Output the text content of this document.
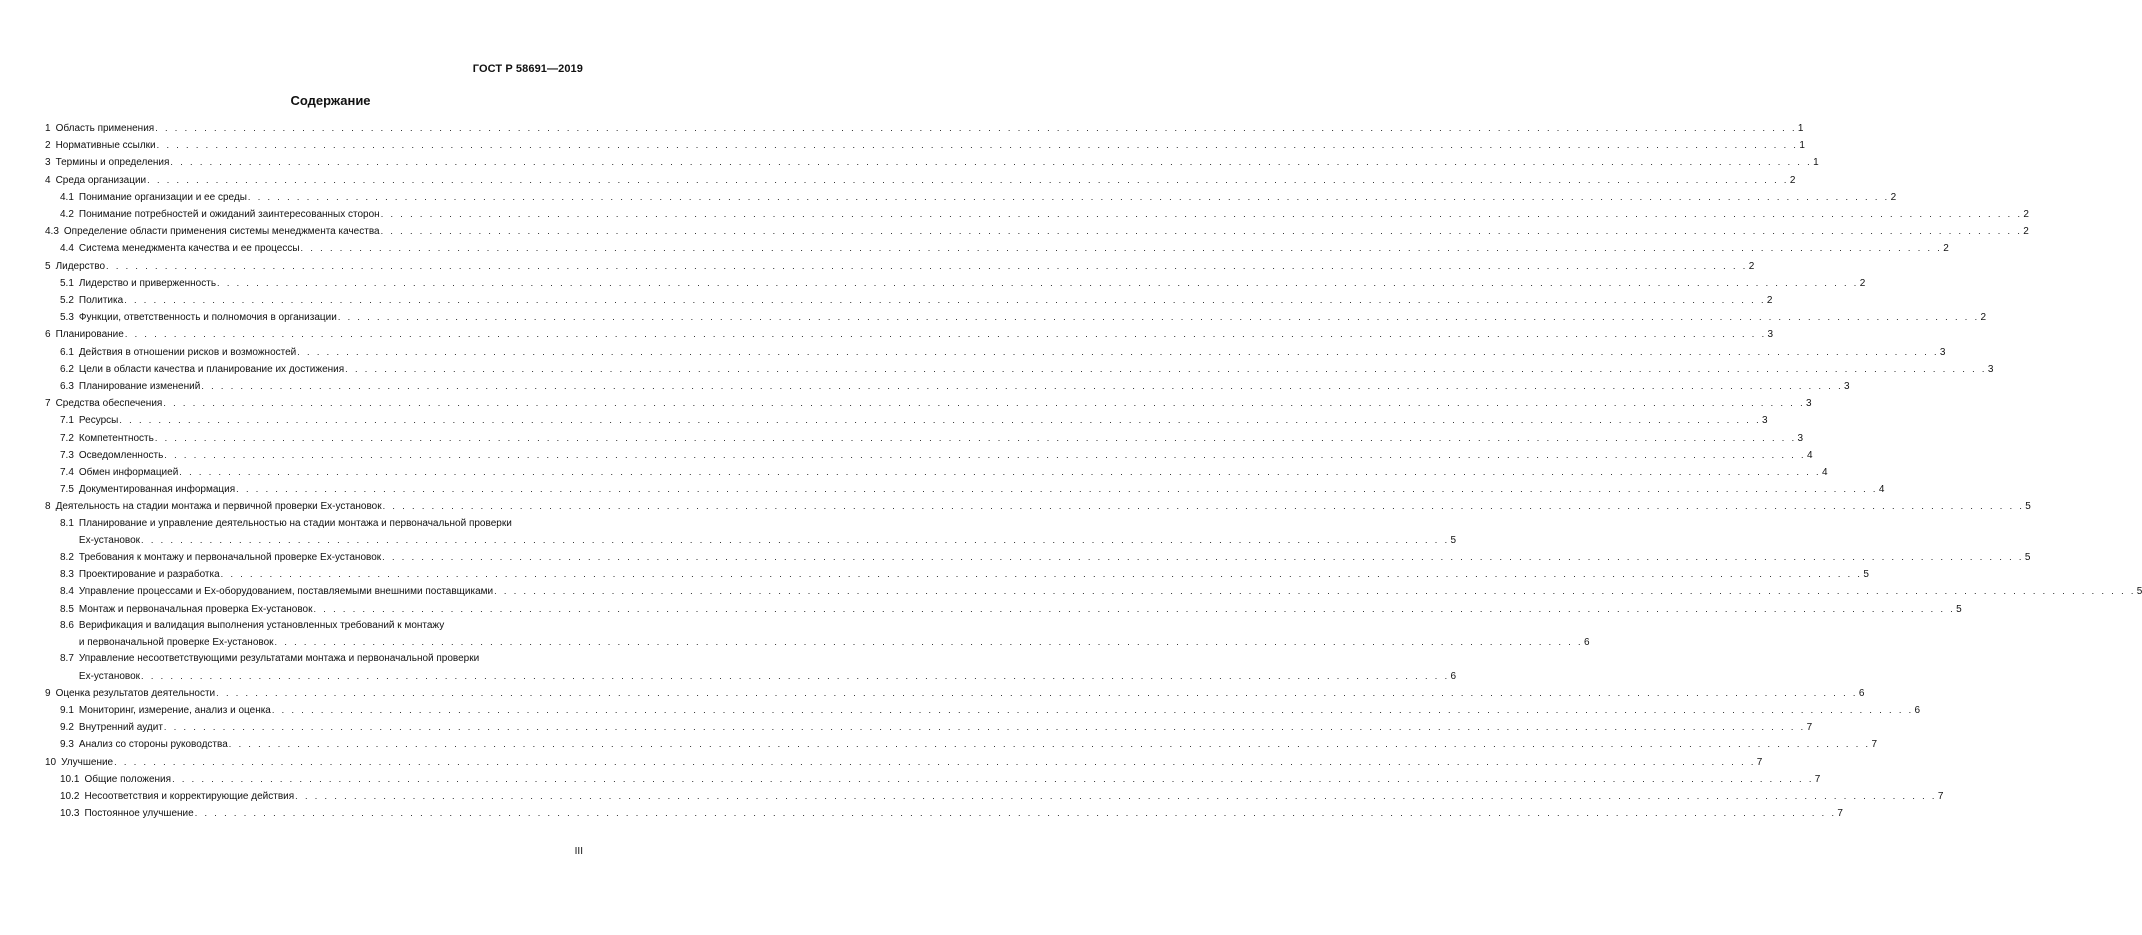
ГОСТ Р 58691—2019
Содержание
1 Область применения . . .	1
2 Нормативные ссылки . . .	1
3 Термины и определения . . .	1
4 Среда организации . . .	2
4.1 Понимание организации и ее среды . . .	2
4.2 Понимание потребностей и ожиданий заинтересованных сторон . . .	2
4.3 Определение области применения системы менеджмента качества . . .	2
4.4 Система менеджмента качества и ее процессы . . .	2
5 Лидерство . . .	2
5.1 Лидерство и приверженность . . .	2
5.2 Политика . . .	2
5.3 Функции, ответственность и полномочия в организации . . .	2
6 Планирование . . .	3
6.1 Действия в отношении рисков и возможностей . . .	3
6.2 Цели в области качества и планирование их достижения . . .	3
6.3 Планирование изменений . . .	3
7 Средства обеспечения . . .	3
7.1 Ресурсы . . .	3
7.2 Компетентность . . .	3
7.3 Осведомленность . . .	4
7.4 Обмен информацией . . .	4
7.5 Документированная информация . . .	4
8 Деятельность на стадии монтажа и первичной проверки Ex-установок . . .	5
8.1 Планирование и управление деятельностью на стадии монтажа и первоначальной проверки
Ex-установок . . .	5
8.2 Требования к монтажу и первоначальной проверке Ex-установок . . .	5
8.3 Проектирование и разработка . . .	5
8.4 Управление процессами и Ex-оборудованием, поставляемыми внешними поставщиками . . .	5
8.5 Монтаж и первоначальная проверка Ex-установок . . .	5
8.6 Верификация и валидация выполнения установленных требований к монтажу
и первоначальной проверке Ex-установок . . .	6
8.7 Управление несоответствующими результатами монтажа и первоначальной проверки
Ex-установок . . .	6
9 Оценка результатов деятельности . . .	6
9.1 Мониторинг, измерение, анализ и оценка . . .	6
9.2 Внутренний аудит . . .	7
9.3 Анализ со стороны руководства . . .	7
10 Улучшение . . .	7
10.1 Общие положения . . .	7
10.2 Несоответствия и корректирующие действия . . .	7
10.3 Постоянное улучшение . . .	7
III
